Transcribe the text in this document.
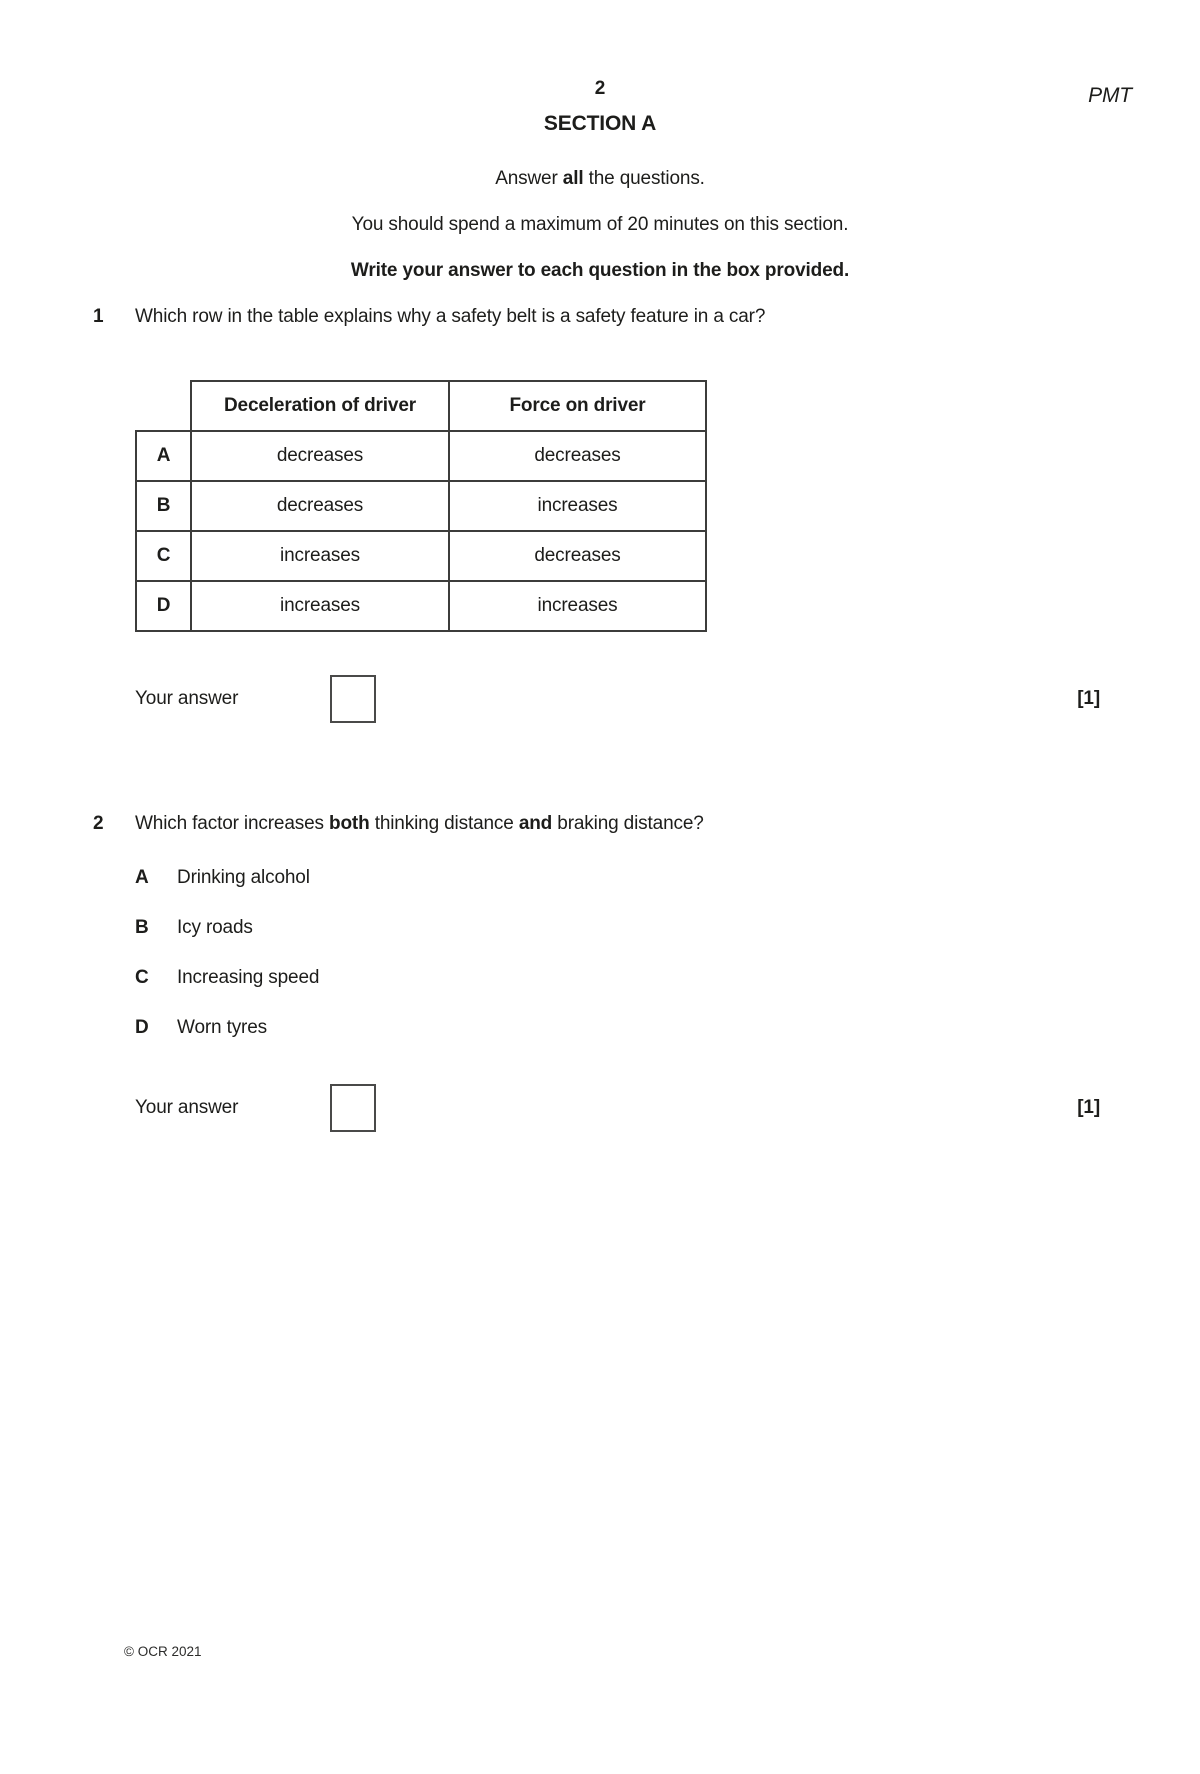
PMT
2
SECTION A
Answer all the questions.
You should spend a maximum of 20 minutes on this section.
Write your answer to each question in the box provided.
1	Which row in the table explains why a safety belt is a safety feature in a car?
	Deceleration of driver	Force on driver
A	decreases	decreases
B	decreases	increases
C	increases	decreases
D	increases	increases
Your answer	[1]
2	Which factor increases both thinking distance and braking distance?
A	Drinking alcohol
B	Icy roads
C	Increasing speed
D	Worn tyres
Your answer	[1]
© OCR 2021
